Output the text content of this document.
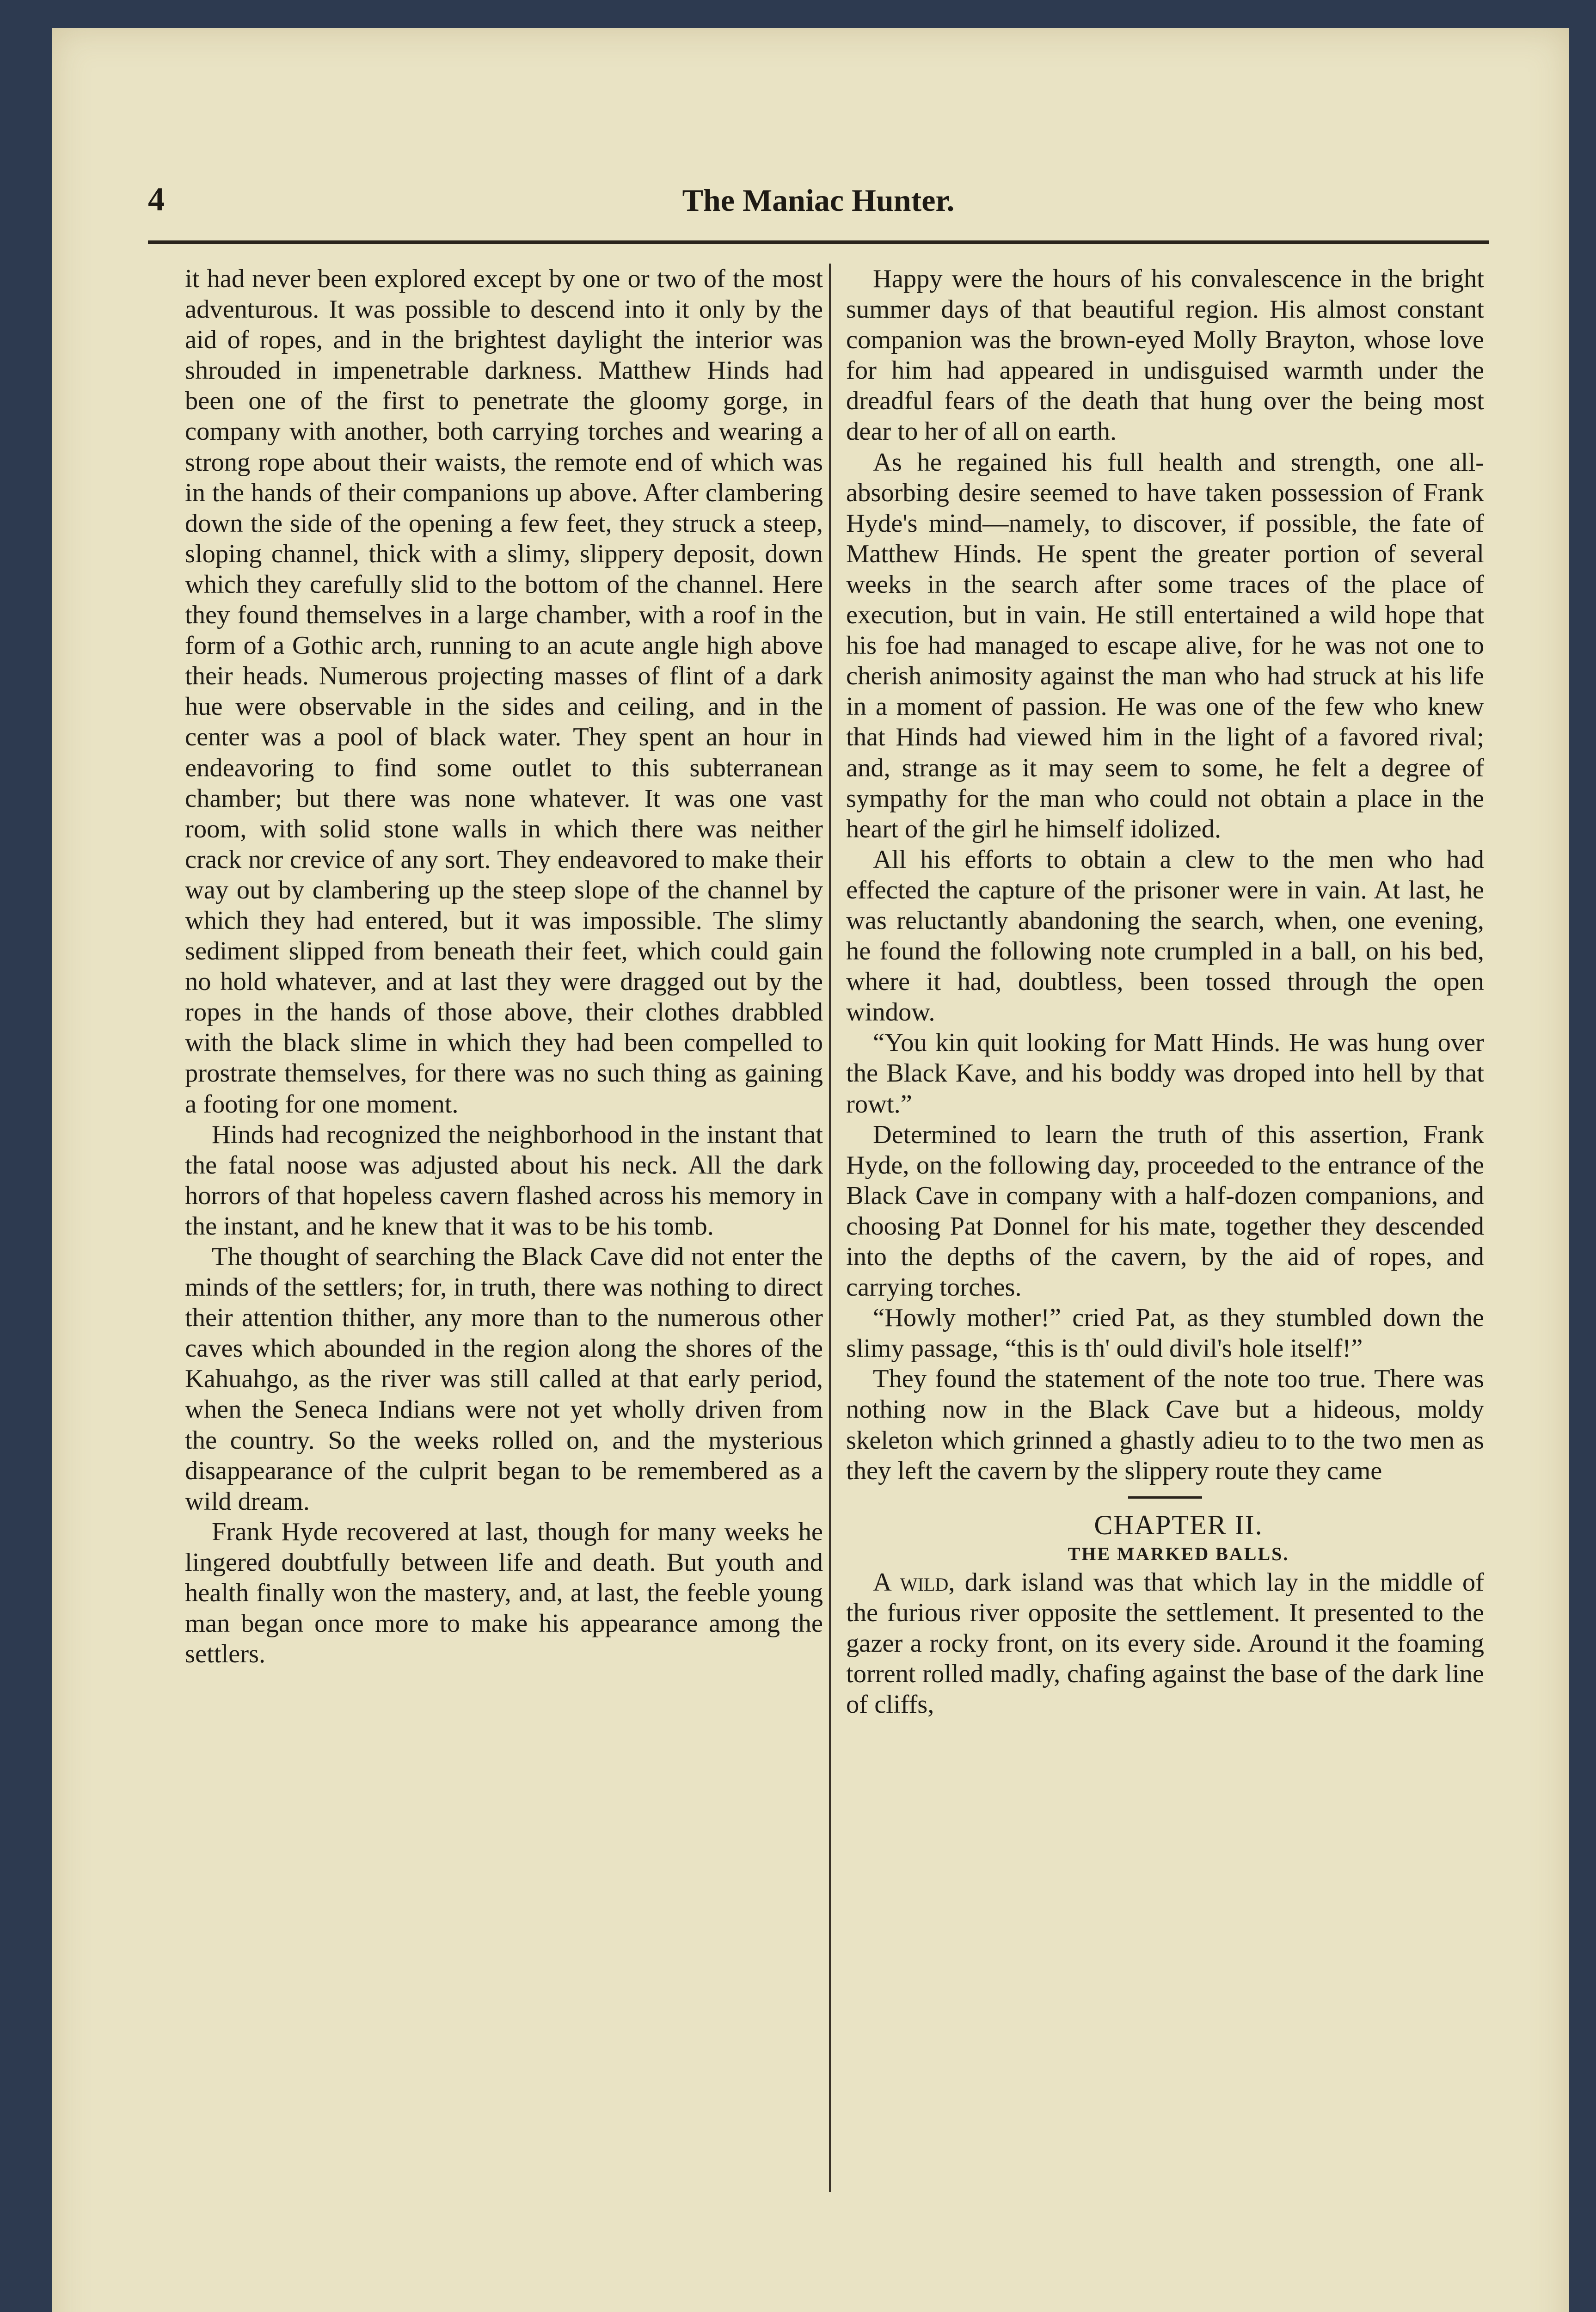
4	The Maniac Hunter.

it had never been explored except by one or two of the most adventurous. It was possible to descend into it only by the aid of ropes, and in the brightest daylight the interior was shrouded in impenetrable darkness. Matthew Hinds had been one of the first to penetrate the gloomy gorge, in company with another, both carrying torches and wearing a strong rope about their waists, the remote end of which was in the hands of their companions up above. After clambering down the side of the opening a few feet, they struck a steep, sloping channel, thick with a slimy, slippery deposit, down which they carefully slid to the bottom of the channel. Here they found themselves in a large chamber, with a roof in the form of a Gothic arch, running to an acute angle high above their heads. Numerous projecting masses of flint of a dark hue were observable in the sides and ceiling, and in the center was a pool of black water. They spent an hour in endeavoring to find some outlet to this subterranean chamber; but there was none whatever. It was one vast room, with solid stone walls in which there was neither crack nor crevice of any sort. They endeavored to make their way out by clambering up the steep slope of the channel by which they had entered, but it was impossible. The slimy sediment slipped from beneath their feet, which could gain no hold whatever, and at last they were dragged out by the ropes in the hands of those above, their clothes drabbled with the black slime in which they had been compelled to prostrate themselves, for there was no such thing as gaining a footing for one moment.

Hinds had recognized the neighborhood in the instant that the fatal noose was adjusted about his neck. All the dark horrors of that hopeless cavern flashed across his memory in the instant, and he knew that it was to be his tomb.

The thought of searching the Black Cave did not enter the minds of the settlers; for, in truth, there was nothing to direct their attention thither, any more than to the numerous other caves which abounded in the region along the shores of the Kahuahgo, as the river was still called at that early period, when the Seneca Indians were not yet wholly driven from the country. So the weeks rolled on, and the mysterious disappearance of the culprit began to be remembered as a wild dream.

Frank Hyde recovered at last, though for many weeks he lingered doubtfully between life and death. But youth and health finally won the mastery, and, at last, the feeble young man began once more to make his appearance among the settlers.

Happy were the hours of his convalescence in the bright summer days of that beautiful region. His almost constant companion was the brown-eyed Molly Brayton, whose love for him had appeared in undisguised warmth under the dreadful fears of the death that hung over the being most dear to her of all on earth.

As he regained his full health and strength, one all-absorbing desire seemed to have taken possession of Frank Hyde's mind—namely, to discover, if possible, the fate of Matthew Hinds. He spent the greater portion of several weeks in the search after some traces of the place of execution, but in vain. He still entertained a wild hope that his foe had managed to escape alive, for he was not one to cherish animosity against the man who had struck at his life in a moment of passion. He was one of the few who knew that Hinds had viewed him in the light of a favored rival; and, strange as it may seem to some, he felt a degree of sympathy for the man who could not obtain a place in the heart of the girl he himself idolized.

All his efforts to obtain a clew to the men who had effected the capture of the prisoner were in vain. At last, he was reluctantly abandoning the search, when, one evening, he found the following note crumpled in a ball, on his bed, where it had, doubtless, been tossed through the open window.

“You kin quit looking for Matt Hinds. He was hung over the Black Kave, and his boddy was droped into hell by that rowt.”

Determined to learn the truth of this assertion, Frank Hyde, on the following day, proceeded to the entrance of the Black Cave in company with a half-dozen companions, and choosing Pat Donnel for his mate, together they descended into the depths of the cavern, by the aid of ropes, and carrying torches.

“Howly mother!” cried Pat, as they stumbled down the slimy passage, “this is th' ould divil's hole itself!”

They found the statement of the note too true. There was nothing now in the Black Cave but a hideous, moldy skeleton which grinned a ghastly adieu to to the two men as they left the cavern by the slippery route they came

CHAPTER II.

THE MARKED BALLS.

A wild, dark island was that which lay in the middle of the furious river opposite the settlement. It presented to the gazer a rocky front, on its every side. Around it the foaming torrent rolled madly, chafing against the base of the dark line of cliffs,
